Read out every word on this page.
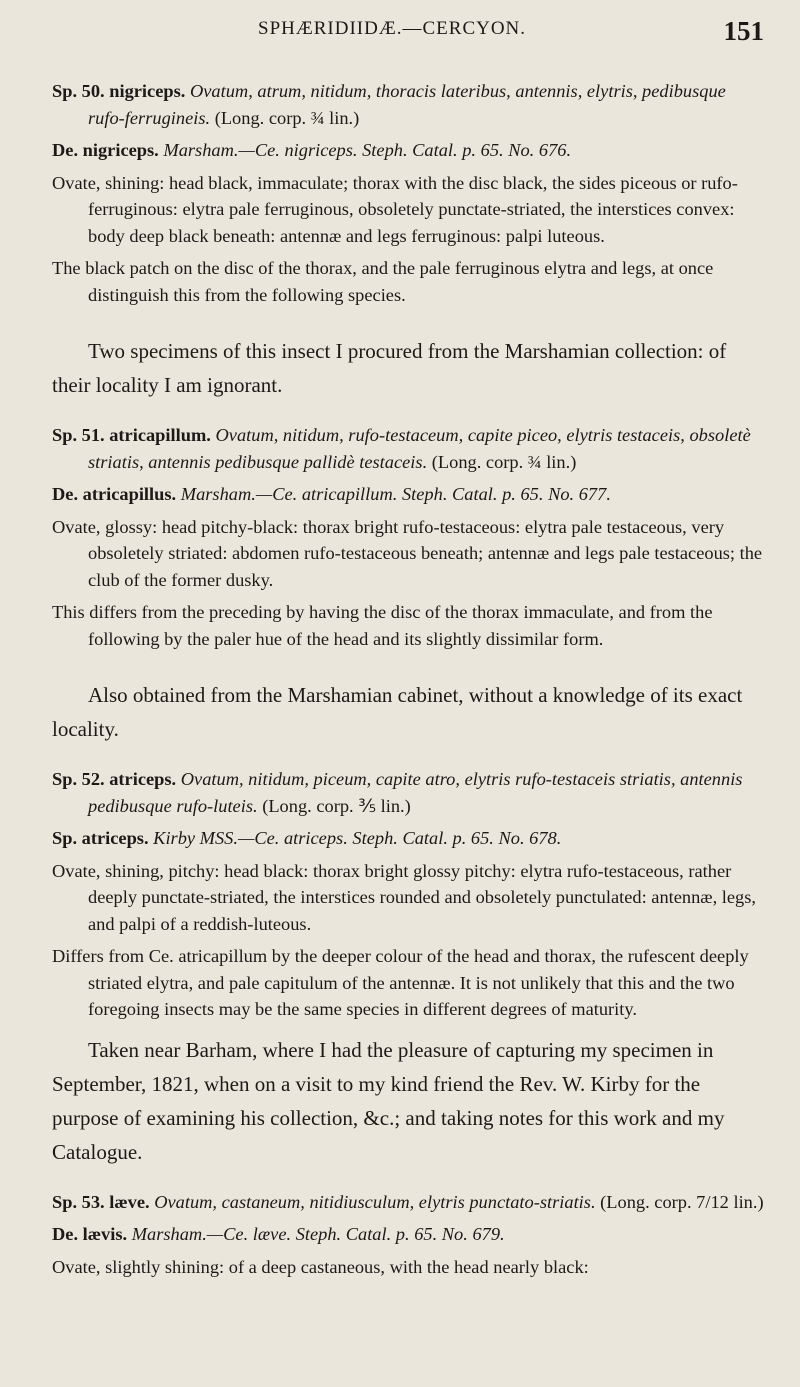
SPHÆRIDIIDÆ.—CERCYON.	151

Sp. 50. nigriceps. Ovatum, atrum, nitidum, thoracis lateribus, antennis, elytris, pedibusque rufo-ferrugineis. (Long. corp. ¾ lin.)

De. nigriceps. Marsham.—Ce. nigriceps. Steph. Catal. p. 65. No. 676.

Ovate, shining: head black, immaculate; thorax with the disc black, the sides piceous or rufo-ferruginous: elytra pale ferruginous, obsoletely punctate-striated, the interstices convex: body deep black beneath: antennæ and legs ferruginous: palpi luteous.

The black patch on the disc of the thorax, and the pale ferruginous elytra and legs, at once distinguish this from the following species.

Two specimens of this insect I procured from the Marshamian collection: of their locality I am ignorant.

Sp. 51. atricapillum. Ovatum, nitidum, rufo-testaceum, capite piceo, elytris testaceis, obsoletè striatis, antennis pedibusque pallidè testaceis. (Long. corp. ¾ lin.)

De. atricapillus. Marsham.—Ce. atricapillum. Steph. Catal. p. 65. No. 677.

Ovate, glossy: head pitchy-black: thorax bright rufo-testaceous: elytra pale testaceous, very obsoletely striated: abdomen rufo-testaceous beneath; antennæ and legs pale testaceous; the club of the former dusky.

This differs from the preceding by having the disc of the thorax immaculate, and from the following by the paler hue of the head and its slightly dissimilar form.

Also obtained from the Marshamian cabinet, without a knowledge of its exact locality.

Sp. 52. atriceps. Ovatum, nitidum, piceum, capite atro, elytris rufo-testaceis striatis, antennis pedibusque rufo-luteis. (Long. corp. ⅗ lin.)

Sp. atriceps. Kirby MSS.—Ce. atriceps. Steph. Catal. p. 65. No. 678.

Ovate, shining, pitchy: head black: thorax bright glossy pitchy: elytra rufo-testaceous, rather deeply punctate-striated, the interstices rounded and obsoletely punctulated: antennæ, legs, and palpi of a reddish-luteous.

Differs from Ce. atricapillum by the deeper colour of the head and thorax, the rufescent deeply striated elytra, and pale capitulum of the antennæ. It is not unlikely that this and the two foregoing insects may be the same species in different degrees of maturity.

Taken near Barham, where I had the pleasure of capturing my specimen in September, 1821, when on a visit to my kind friend the Rev. W. Kirby for the purpose of examining his collection, &c.; and taking notes for this work and my Catalogue.

Sp. 53. læve. Ovatum, castaneum, nitidiusculum, elytris punctato-striatis. (Long. corp. 7/12 lin.)

De. lævis. Marsham.—Ce. læve. Steph. Catal. p. 65. No. 679.

Ovate, slightly shining: of a deep castaneous, with the head nearly black:
